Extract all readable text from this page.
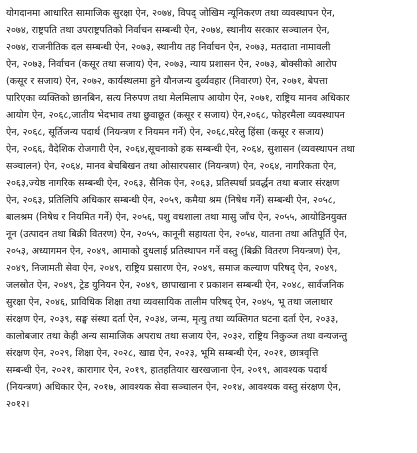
योगदानमा आधारित सामाजिक सुरक्षा ऐन, २०७४, विपद् जोखिम न्यूनिकरण तथा व्यवस्थापन ऐन,
२०७४, राष्ट्रपति तथा उपराष्ट्रपतिको निर्वाचन सम्बन्धी ऐन, २०७४, स्थानीय सरकार सञ्चालन ऐन,
२०७४, राजनीतिक दल सम्बन्धी ऐन, २०७३, स्थानीय तह निर्वाचन ऐन, २०७३, मतदाता नामावली
ऐन, २०७३, निर्वाचन (कसूर तथा सजाय) ऐन, २०७३, न्याय प्रशासन ऐन, २०७३, बोक्सीको आरोप
(कसूर र सजाय) ऐन, २०७२, कार्यस्थलमा हुने यौनजन्य दुर्व्यवहार (निवारण) ऐन, २०७१, बेपत्ता
पारिएका व्यक्तिको छानबिन, सत्य निरुपण तथा मेलमिलाप आयोग ऐन, २०७१, राष्ट्रिय मानव अधिकार
आयोग ऐन, २०६८,जातीय भेदभाव तथा छुवाछूत (कसूर र सजाय) ऐन,२०६८, फोहरमैला व्यवस्थापन
ऐन, २०६८, सूर्तिजन्य पदार्थ (नियन्त्रण र नियमन गर्ने) ऐन, २०६८,घरेलु हिंसा (कसूर र सजाय)
ऐन, २०६६, वैदेशिक रोजगारी ऐन, २०६४,सूचनाको हक सम्बन्धी ऐन, २०६४, सुशासन (व्यवस्थापन तथा
सञ्चालन) ऐन, २०६४, मानव बेचबिखन तथा ओसारपसार (नियन्त्रण) ऐन, २०६४, नागरिकता ऐन,
२०६३,ज्येष्ठ नागरिक सम्बन्धी ऐन, २०६३, सैनिक ऐन, २०६३, प्रतिस्पर्धा प्रवर्द्धन तथा बजार संरक्षण
ऐन, २०६३, प्रतिलिपि अधिकार सम्बन्धी ऐन, २०५९, कमैया श्रम (निषेध गर्ने) सम्बन्धी ऐन, २०५८,
बालश्रम (निषेध र नियमित गर्ने) ऐन, २०५६, पशु वधशाला तथा मासु जाँच ऐन, २०५५, आयोडिनयुक्त
नून (उत्पादन तथा बिक्री वितरण) ऐन, २०५५, कानूनी सहायता ऐन, २०५४, यातना तथा अतिपूर्ति ऐन,
२०५३, अध्यागमन ऐन, २०४९, आमाको दुधलाई प्रतिस्थापन गर्ने वस्तु (बिक्री वितरण नियन्त्रण) ऐन,
२०४९, निजामती सेवा ऐन, २०४९, राष्ट्रिय प्रसारण ऐन, २०४९, समाज कल्याण परिषद् ऐन, २०४९,
जलस्रोत ऐन, २०४९, ट्रेड युनियन ऐन, २०४९, छापाखाना र प्रकाशन सम्बन्धी ऐन, २०४८, सार्वजनिक
सुरक्षा ऐन, २०४६, प्राविधिक शिक्षा तथा व्यवसायिक तालीम परिषद् ऐन, २०४५, भू तथा जलाधार
संरक्षण ऐन, २०३९, सङ्घ संस्था दर्ता ऐन, २०३४, जन्म, मृत्यु तथा व्यक्तिगत घटना दर्ता ऐन, २०३३,
कालोबजार तथा केही अन्य सामाजिक अपराध तथा सजाय ऐन, २०३२, राष्ट्रिय निकुञ्ज तथा वन्यजन्तु
संरक्षण ऐन, २०२९, शिक्षा ऐन, २०२८, खाद्य ऐन, २०२३, भूमि सम्बन्धी ऐन, २०२१, छात्रवृत्ति
सम्बन्धी ऐन, २०२१, कारागार ऐन, २०१९, हातहतियार खरखजाना ऐन, २०१९, आवश्यक पदार्थ
(नियन्त्रण) अधिकार ऐन, २०१७, आवश्यक सेवा सञ्चालन ऐन, २०१४, आवश्यक वस्तु संरक्षण ऐन,
२०१२।
